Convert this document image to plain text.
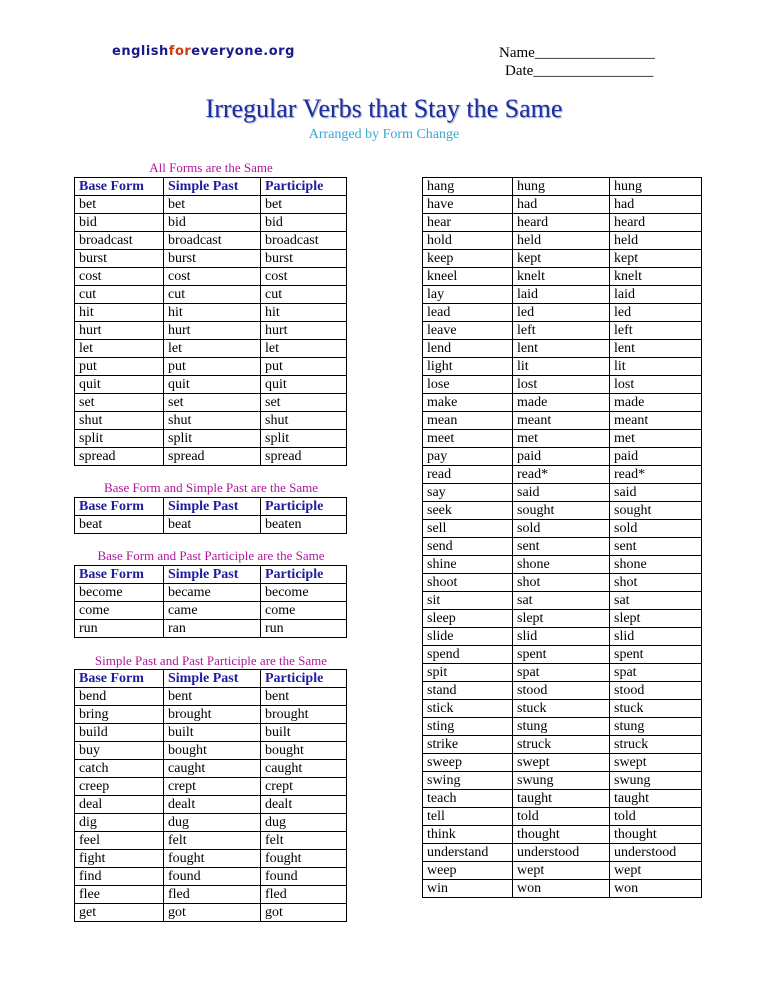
englishforeveryone.org	Name________________
Date________________
Irregular Verbs that Stay the Same
Arranged by Form Change
All Forms are the Same
Base Form	Simple Past	Participle
bet	bet	bet
bid	bid	bid
broadcast	broadcast	broadcast
burst	burst	burst
cost	cost	cost
cut	cut	cut
hit	hit	hit
hurt	hurt	hurt
let	let	let
put	put	put
quit	quit	quit
set	set	set
shut	shut	shut
split	split	split
spread	spread	spread
Base Form and Simple Past are the Same
Base Form	Simple Past	Participle
beat	beat	beaten
Base Form and Past Participle are the Same
Base Form	Simple Past	Participle
become	became	become
come	came	come
run	ran	run
Simple Past and Past Participle are the Same
Base Form	Simple Past	Participle
bend	bent	bent
bring	brought	brought
build	built	built
buy	bought	bought
catch	caught	caught
creep	crept	crept
deal	dealt	dealt
dig	dug	dug
feel	felt	felt
fight	fought	fought
find	found	found
flee	fled	fled
get	got	got
hang	hung	hung
have	had	had
hear	heard	heard
hold	held	held
keep	kept	kept
kneel	knelt	knelt
lay	laid	laid
lead	led	led
leave	left	left
lend	lent	lent
light	lit	lit
lose	lost	lost
make	made	made
mean	meant	meant
meet	met	met
pay	paid	paid
read	read*	read*
say	said	said
seek	sought	sought
sell	sold	sold
send	sent	sent
shine	shone	shone
shoot	shot	shot
sit	sat	sat
sleep	slept	slept
slide	slid	slid
spend	spent	spent
spit	spat	spat
stand	stood	stood
stick	stuck	stuck
sting	stung	stung
strike	struck	struck
sweep	swept	swept
swing	swung	swung
teach	taught	taught
tell	told	told
think	thought	thought
understand	understood	understood
weep	wept	wept
win	won	won
